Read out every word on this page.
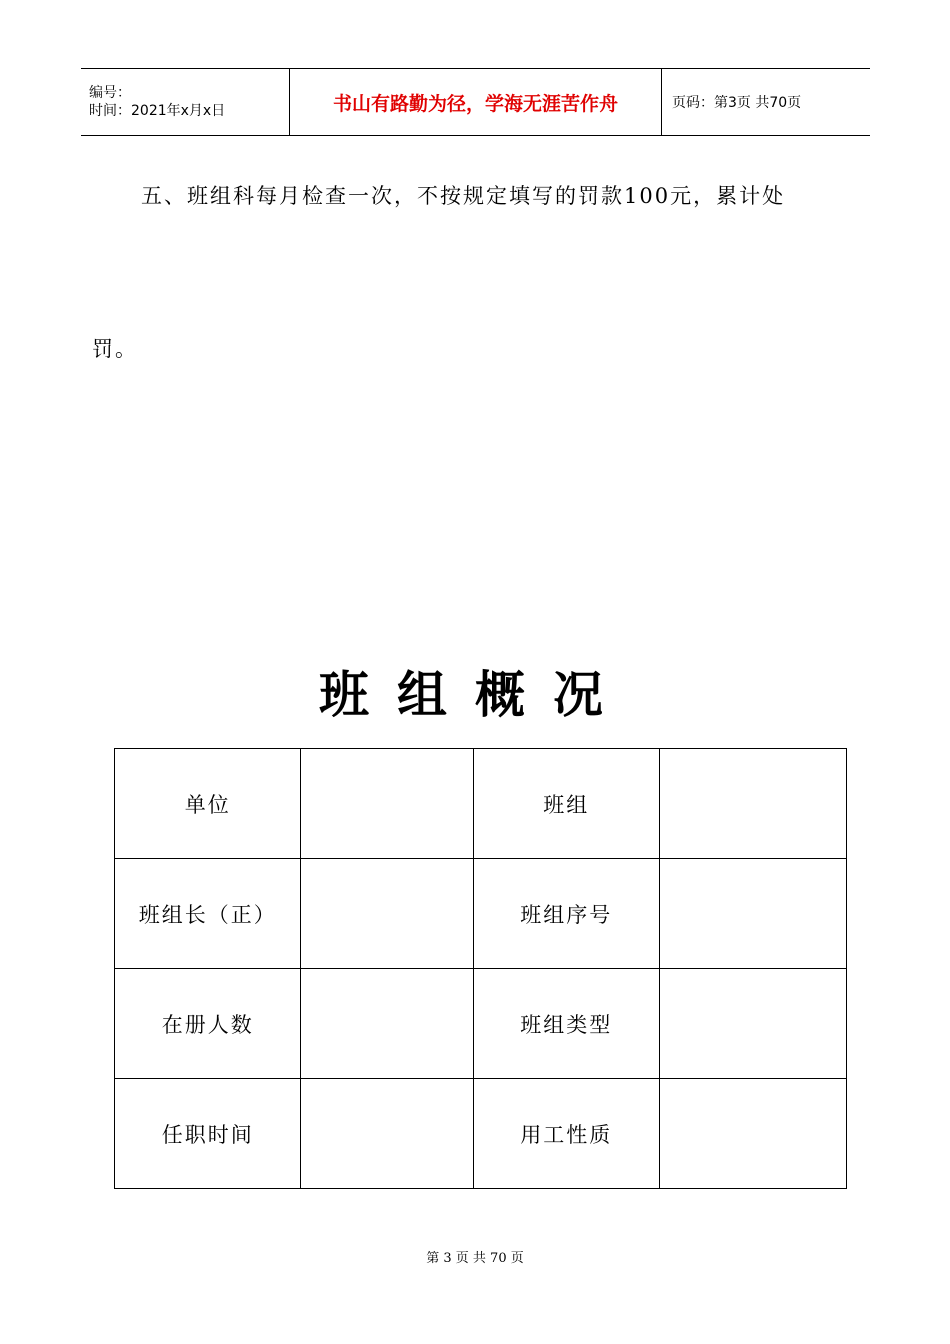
编号：
时间：2021年x月x日	书山有路勤为径，学海无涯苦作舟	页码：第3页 共70页
五、班组科每月检查一次，不按规定填写的罚款100元，累计处
罚。
班组概况
单位		班组	
班组长（正）		班组序号	
在册人数		班组类型	
任职时间		用工性质	
第 3 页 共 70 页
